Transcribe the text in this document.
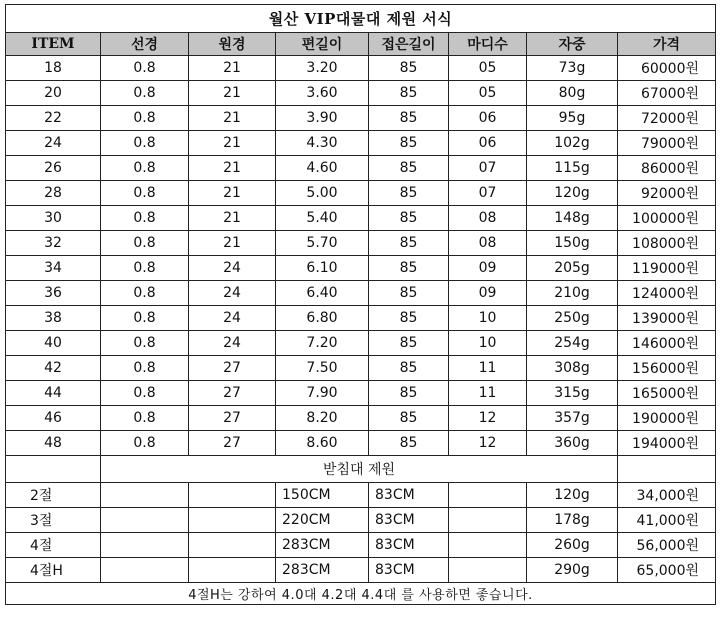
월산 VIP대물대 제원 서식							
ITEM	선경	원경	편길이	접은길이	마디수	자중	가격
18	0.8	21	3.20	85	05	73g	60000원
20	0.8	21	3.60	85	05	80g	67000원
22	0.8	21	3.90	85	06	95g	72000원
24	0.8	21	4.30	85	06	102g	79000원
26	0.8	21	4.60	85	07	115g	86000원
28	0.8	21	5.00	85	07	120g	92000원
30	0.8	21	5.40	85	08	148g	100000원
32	0.8	21	5.70	85	08	150g	108000원
34	0.8	24	6.10	85	09	205g	119000원
36	0.8	24	6.40	85	09	210g	124000원
38	0.8	24	6.80	85	10	250g	139000원
40	0.8	24	7.20	85	10	254g	146000원
42	0.8	27	7.50	85	11	308g	156000원
44	0.8	27	7.90	85	11	315g	165000원
46	0.8	27	8.20	85	12	357g	190000원
48	0.8	27	8.60	85	12	360g	194000원
	받침대 제원						
2절			150CM	83CM		120g	34,000원
3절			220CM	83CM		178g	41,000원
4절			283CM	83CM		260g	56,000원
4절H			283CM	83CM		290g	65,000원
4절H는 강하여 4.0대 4.2대 4.4대 를 사용하면 좋습니다.							
